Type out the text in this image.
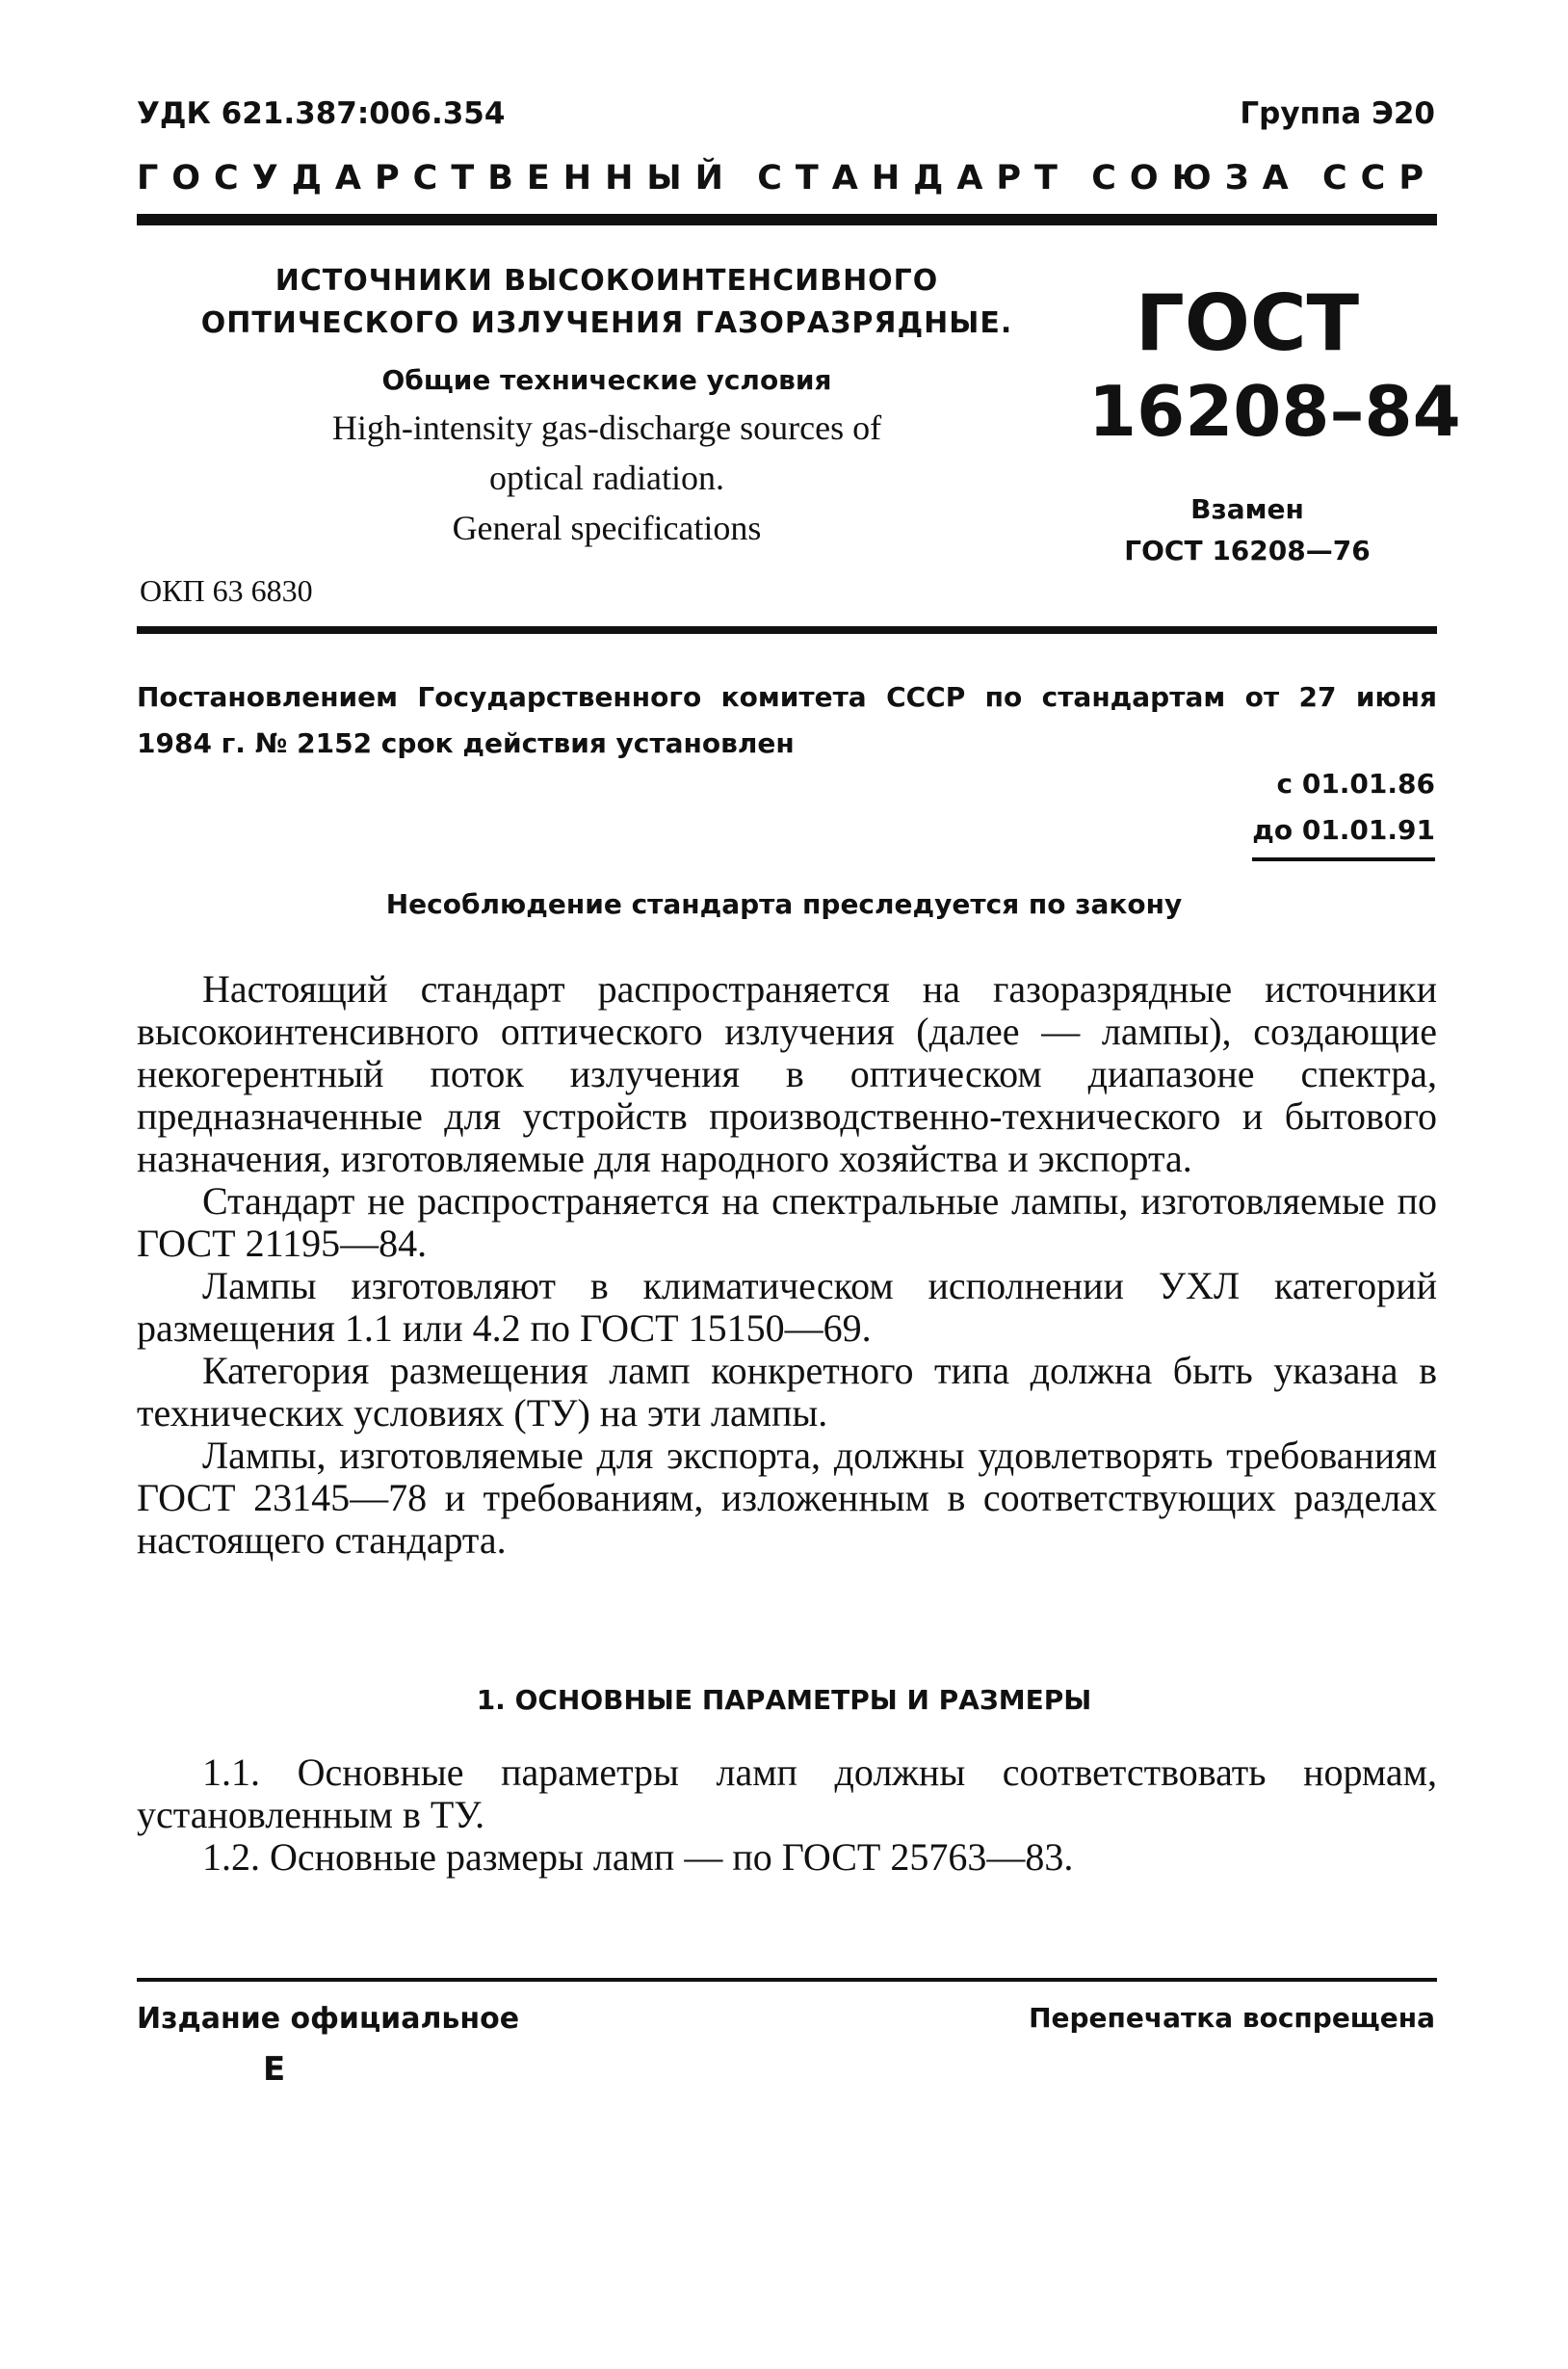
УДК 621.387:006.354	Группа Э20
ГОСУДАРСТВЕННЫЙ СТАНДАРТ СОЮЗА ССР
ИСТОЧНИКИ ВЫСОКОИНТЕНСИВНОГО
ОПТИЧЕСКОГО ИЗЛУЧЕНИЯ ГАЗОРАЗРЯДНЫЕ.
Общие технические условия
High-intensity gas-discharge sources of
optical radiation.
General specifications
ГОСТ
16208–84
Взамен
ГОСТ 16208—76
ОКП 63 6830
Постановлением Государственного комитета СССР по стандартам от 27 июня 1984 г. № 2152 срок действия установлен
с 01.01.86
до 01.01.91
Несоблюдение стандарта преследуется по закону

Настоящий стандарт распространяется на газоразрядные источники высокоинтенсивного оптического излучения (далее — лампы), создающие некогерентный поток излучения в оптическом диапазоне спектра, предназначенные для устройств производственно-технического и бытового назначения, изготовляемые для народного хозяйства и экспорта.

Стандарт не распространяется на спектральные лампы, изготовляемые по ГОСТ 21195—84.

Лампы изготовляют в климатическом исполнении УХЛ категорий размещения 1.1 или 4.2 по ГОСТ 15150—69.

Категория размещения ламп конкретного типа должна быть указана в технических условиях (ТУ) на эти лампы.

Лампы, изготовляемые для экспорта, должны удовлетворять требованиям ГОСТ 23145—78 и требованиям, изложенным в соответствующих разделах настоящего стандарта.

1. ОСНОВНЫЕ ПАРАМЕТРЫ И РАЗМЕРЫ

1.1. Основные параметры ламп должны соответствовать нормам, установленным в ТУ.

1.2. Основные размеры ламп — по ГОСТ 25763—83.

Издание официальное
Е
Перепечатка воспрещена
